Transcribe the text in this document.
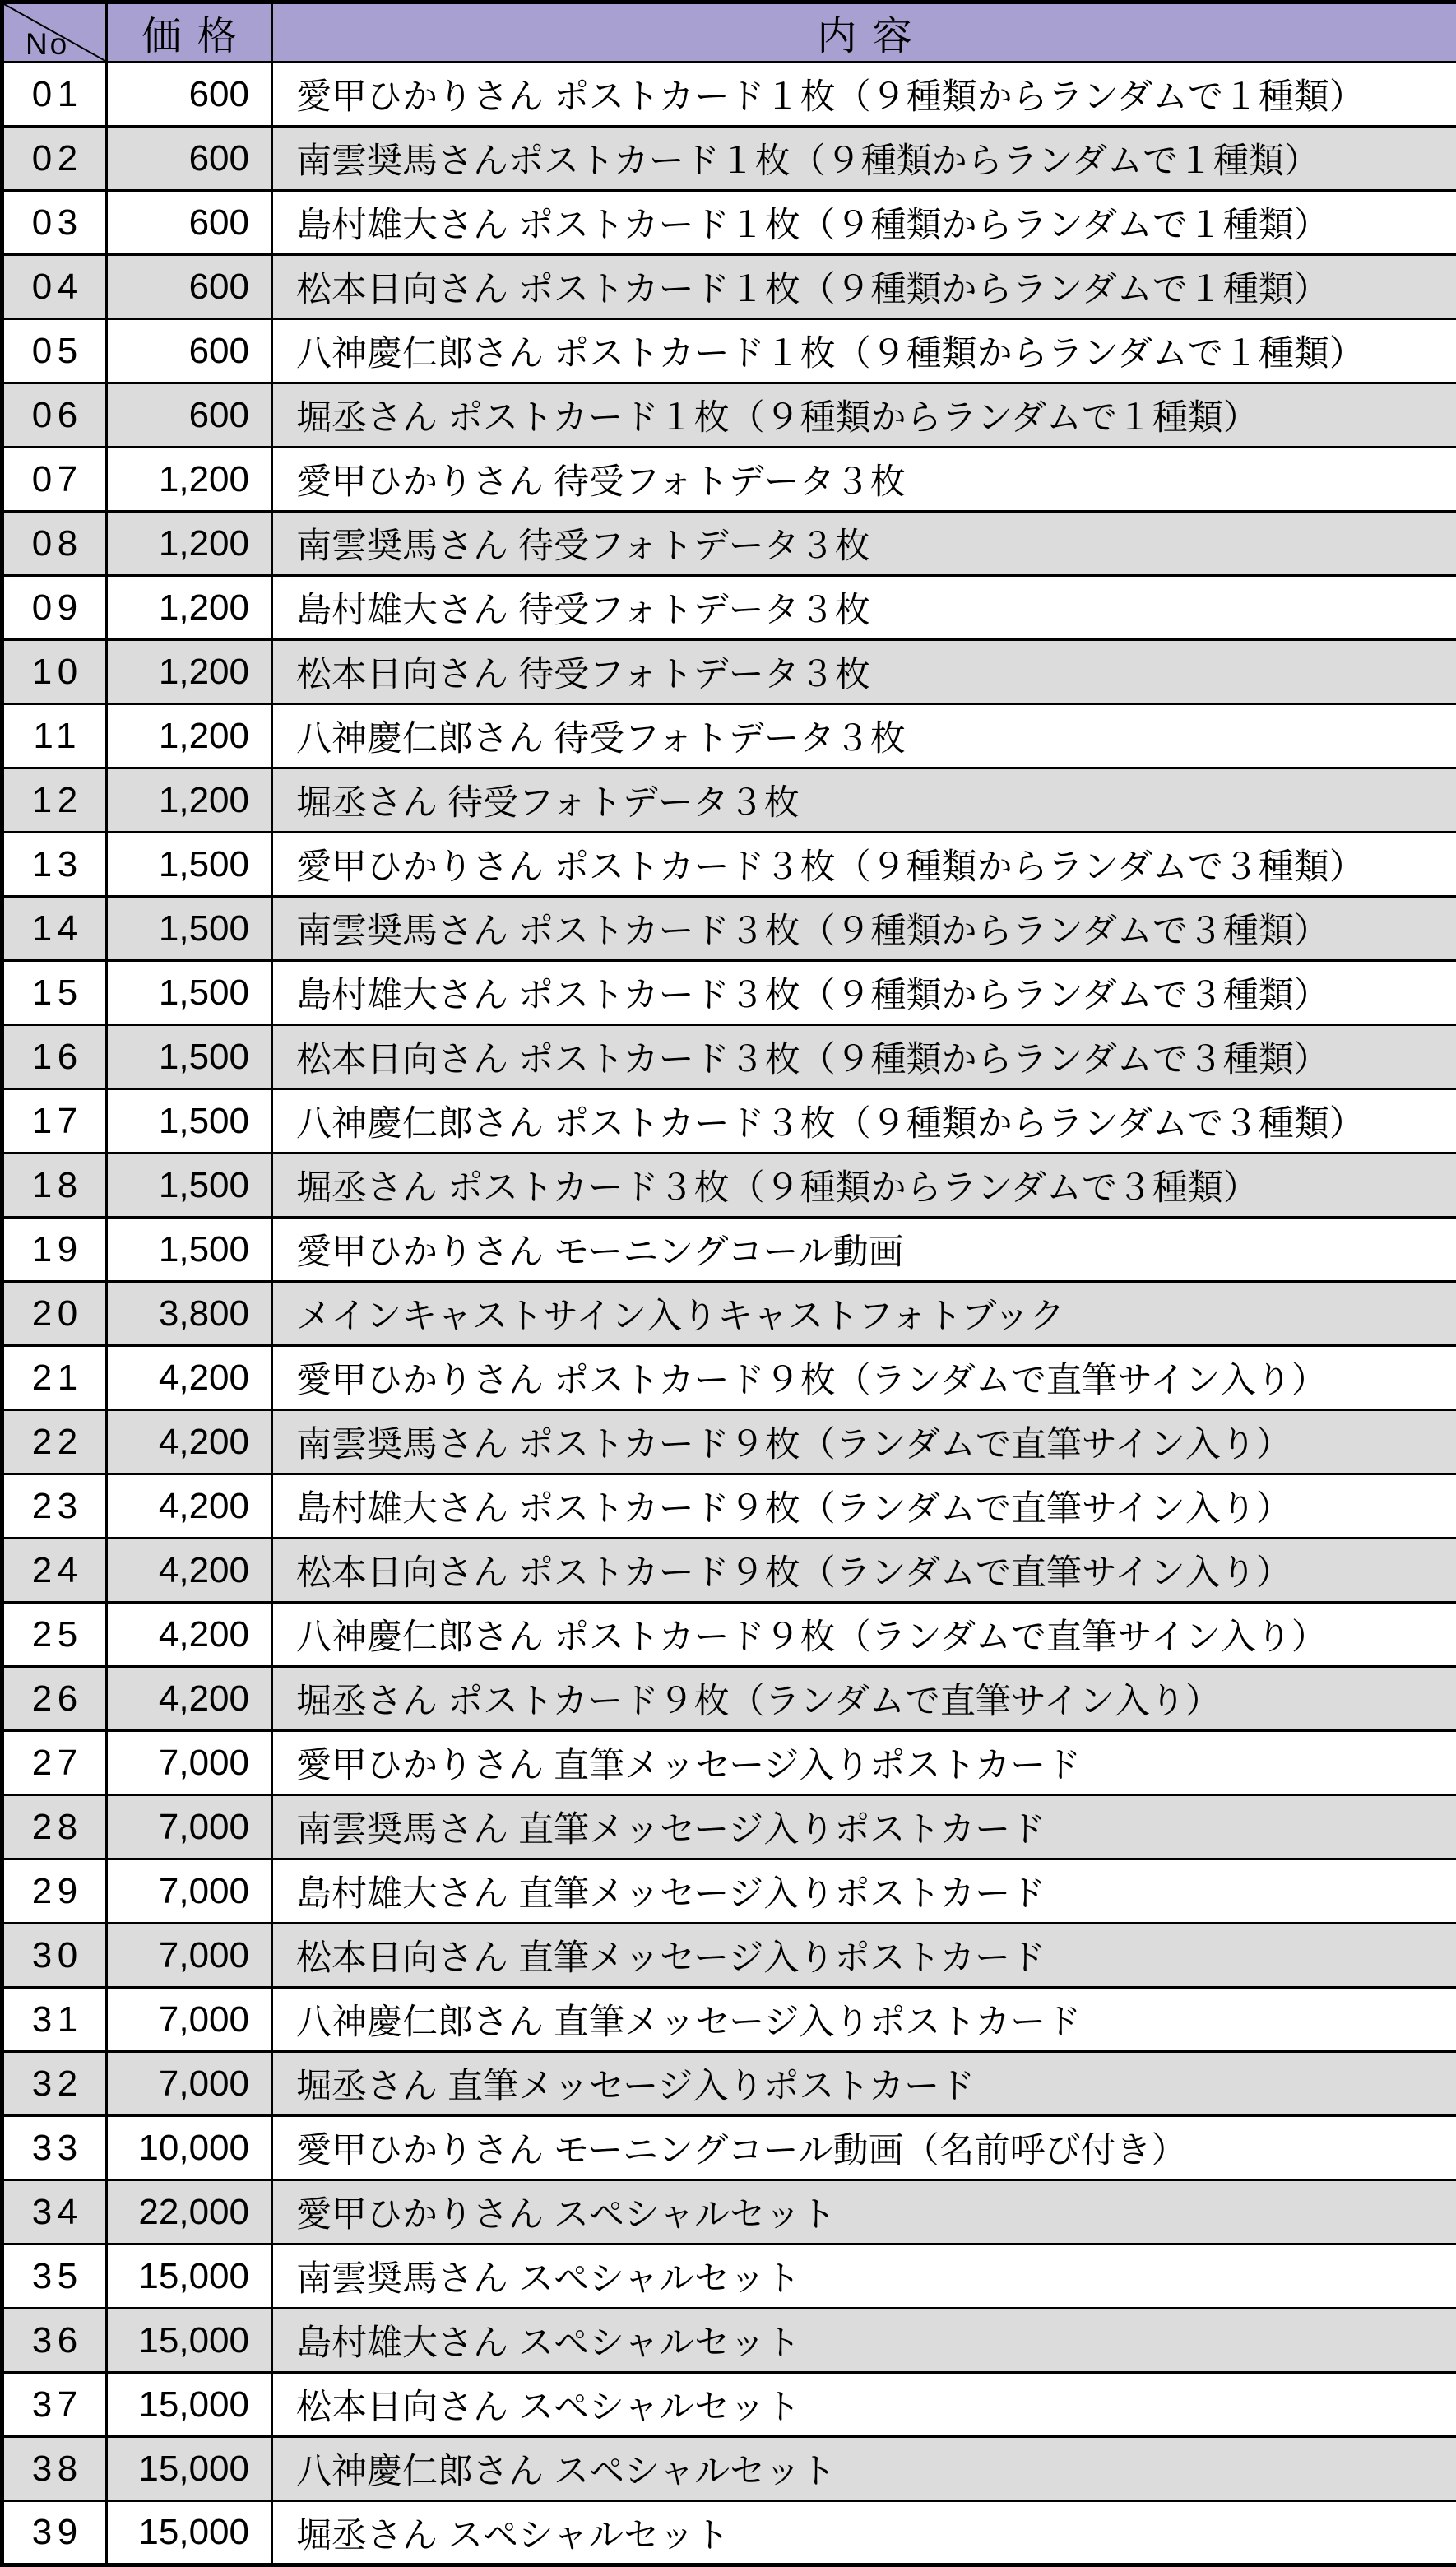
No	価格	内容
01	600	愛甲ひかりさん ポストカード１枚（９種類からランダムで１種類）
02	600	南雲奨馬さんポストカード１枚（９種類からランダムで１種類）
03	600	島村雄大さん ポストカード１枚（９種類からランダムで１種類）
04	600	松本日向さん ポストカード１枚（９種類からランダムで１種類）
05	600	八神慶仁郎さん ポストカード１枚（９種類からランダムで１種類）
06	600	堀丞さん ポストカード１枚（９種類からランダムで１種類）
07	1,200	愛甲ひかりさん 待受フォトデータ３枚
08	1,200	南雲奨馬さん 待受フォトデータ３枚
09	1,200	島村雄大さん 待受フォトデータ３枚
10	1,200	松本日向さん 待受フォトデータ３枚
11	1,200	八神慶仁郎さん 待受フォトデータ３枚
12	1,200	堀丞さん 待受フォトデータ３枚
13	1,500	愛甲ひかりさん ポストカード３枚（９種類からランダムで３種類）
14	1,500	南雲奨馬さん ポストカード３枚（９種類からランダムで３種類）
15	1,500	島村雄大さん ポストカード３枚（９種類からランダムで３種類）
16	1,500	松本日向さん ポストカード３枚（９種類からランダムで３種類）
17	1,500	八神慶仁郎さん ポストカード３枚（９種類からランダムで３種類）
18	1,500	堀丞さん ポストカード３枚（９種類からランダムで３種類）
19	1,500	愛甲ひかりさん モーニングコール動画
20	3,800	メインキャストサイン入りキャストフォトブック
21	4,200	愛甲ひかりさん ポストカード９枚（ランダムで直筆サイン入り）
22	4,200	南雲奨馬さん ポストカード９枚（ランダムで直筆サイン入り）
23	4,200	島村雄大さん ポストカード９枚（ランダムで直筆サイン入り）
24	4,200	松本日向さん ポストカード９枚（ランダムで直筆サイン入り）
25	4,200	八神慶仁郎さん ポストカード９枚（ランダムで直筆サイン入り）
26	4,200	堀丞さん ポストカード９枚（ランダムで直筆サイン入り）
27	7,000	愛甲ひかりさん 直筆メッセージ入りポストカード
28	7,000	南雲奨馬さん 直筆メッセージ入りポストカード
29	7,000	島村雄大さん 直筆メッセージ入りポストカード
30	7,000	松本日向さん 直筆メッセージ入りポストカード
31	7,000	八神慶仁郎さん 直筆メッセージ入りポストカード
32	7,000	堀丞さん 直筆メッセージ入りポストカード
33	10,000	愛甲ひかりさん モーニングコール動画（名前呼び付き）
34	22,000	愛甲ひかりさん スペシャルセット
35	15,000	南雲奨馬さん スペシャルセット
36	15,000	島村雄大さん スペシャルセット
37	15,000	松本日向さん スペシャルセット
38	15,000	八神慶仁郎さん スペシャルセット
39	15,000	堀丞さん スペシャルセット
